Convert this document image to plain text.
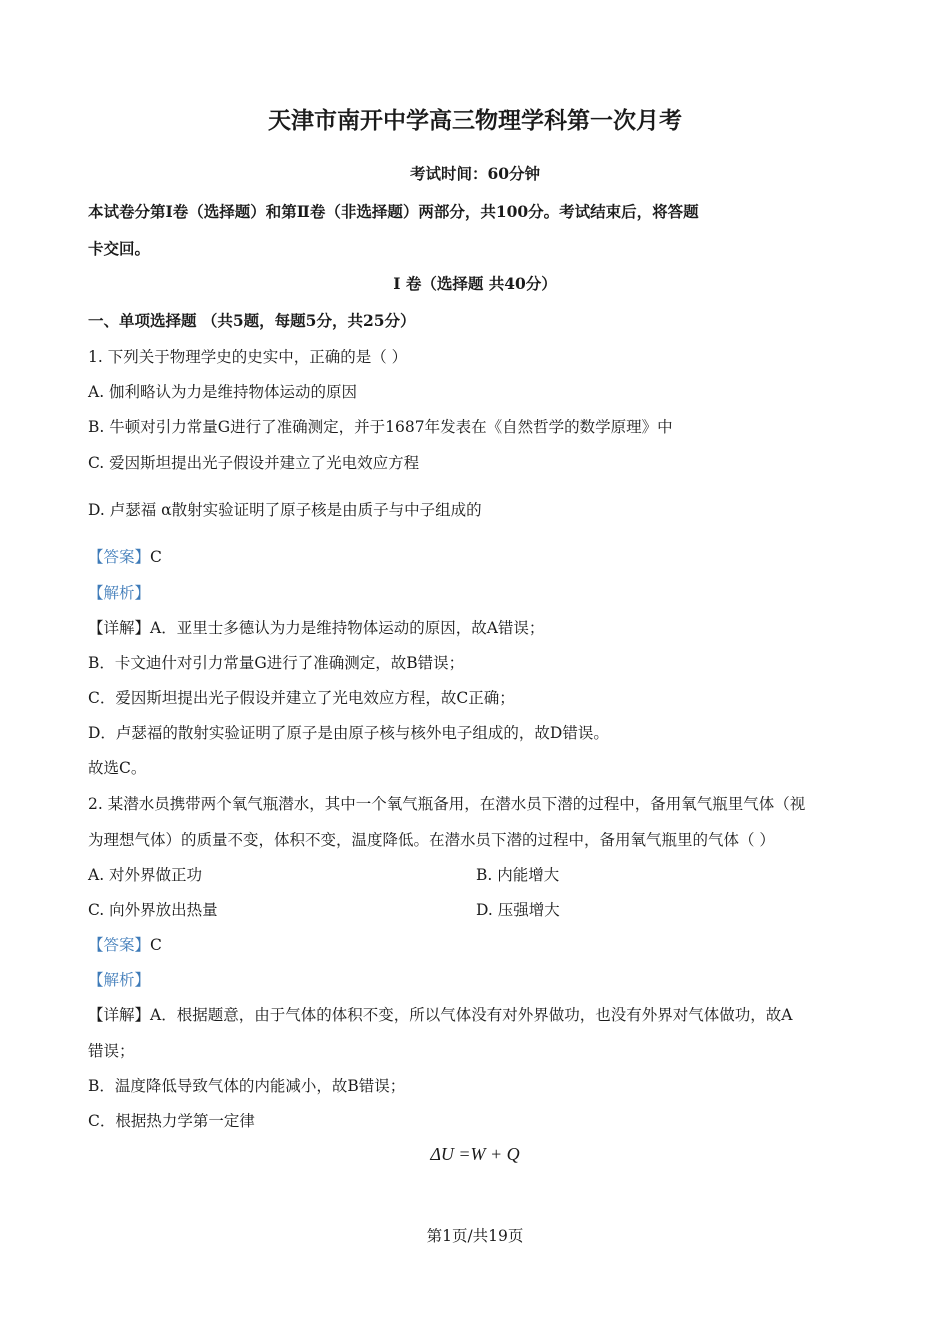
天津市南开中学高三物理学科第一次月考
考试时间：60分钟
本试卷分第Ⅰ卷（选择题）和第Ⅱ卷（非选择题）两部分，共100分。考试结束后，将答题
卡交回。
Ⅰ 卷（选择题 共40分）
一、单项选择题 （共5题，每题5分，共25分）
1. 下列关于物理学史的史实中，正确的是（ ）
A. 伽利略认为力是维持物体运动的原因
B. 牛顿对引力常量G进行了准确测定，并于1687年发表在《自然哲学的数学原理》中
C. 爱因斯坦提出光子假设并建立了光电效应方程
D. 卢瑟福 α散射实验证明了原子核是由质子与中子组成的
【答案】C
【解析】
【详解】A．亚里士多德认为力是维持物体运动的原因，故A错误；
B．卡文迪什对引力常量G进行了准确测定，故B错误；
C．爱因斯坦提出光子假设并建立了光电效应方程，故C正确；
D．卢瑟福的散射实验证明了原子是由原子核与核外电子组成的，故D错误。
故选C。
2. 某潜水员携带两个氧气瓶潜水，其中一个氧气瓶备用，在潜水员下潜的过程中，备用氧气瓶里气体（视
为理想气体）的质量不变，体积不变，温度降低。在潜水员下潜的过程中，备用氧气瓶里的气体（ ）
A. 对外界做正功	B. 内能增大
C. 向外界放出热量	D. 压强增大
【答案】C
【解析】
【详解】A．根据题意，由于气体的体积不变，所以气体没有对外界做功，也没有外界对气体做功，故A
错误；
B．温度降低导致气体的内能减小，故B错误；
C．根据热力学第一定律
ΔU =W + Q
第1页/共19页
